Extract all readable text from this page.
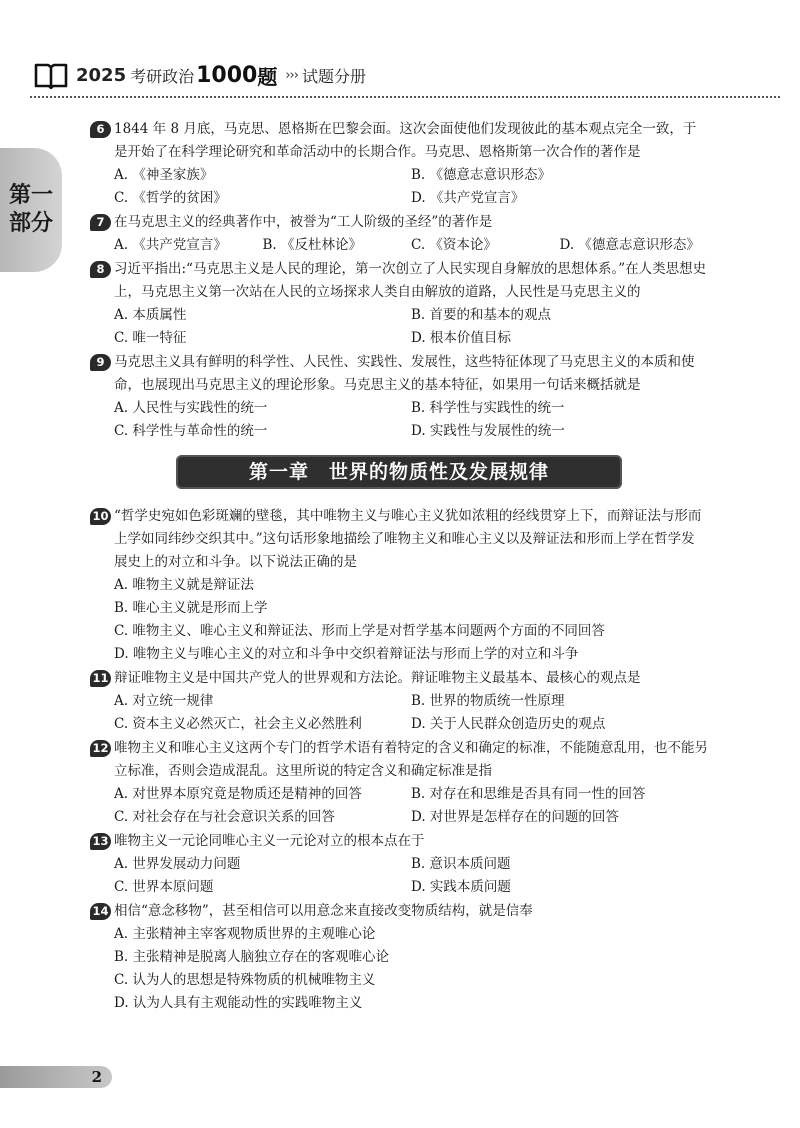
2025 考研政治 1000 题 ››› 试题分册
第一
部分
6 1844 年 8 月底，马克思、恩格斯在巴黎会面。这次会面使他们发现彼此的基本观点完全一致，于是开始了在科学理论研究和革命活动中的长期合作。马克思、恩格斯第一次合作的著作是
A. 《神圣家族》	B. 《德意志意识形态》
C. 《哲学的贫困》	D. 《共产党宣言》
7 在马克思主义的经典著作中，被誉为“工人阶级的圣经”的著作是
A. 《共产党宣言》	B. 《反杜林论》	C. 《资本论》	D. 《德意志意识形态》
8 习近平指出:“马克思主义是人民的理论，第一次创立了人民实现自身解放的思想体系。”在人类思想史上，马克思主义第一次站在人民的立场探求人类自由解放的道路，人民性是马克思主义的
A. 本质属性	B. 首要的和基本的观点
C. 唯一特征	D. 根本价值目标
9 马克思主义具有鲜明的科学性、人民性、实践性、发展性，这些特征体现了马克思主义的本质和使命，也展现出马克思主义的理论形象。马克思主义的基本特征，如果用一句话来概括就是
A. 人民性与实践性的统一	B. 科学性与实践性的统一
C. 科学性与革命性的统一	D. 实践性与发展性的统一
第一章　世界的物质性及发展规律
10 “哲学史宛如色彩斑斓的壁毯，其中唯物主义与唯心主义犹如浓粗的经线贯穿上下，而辩证法与形而上学如同纬纱交织其中。”这句话形象地描绘了唯物主义和唯心主义以及辩证法和形而上学在哲学发展史上的对立和斗争。以下说法正确的是
A. 唯物主义就是辩证法
B. 唯心主义就是形而上学
C. 唯物主义、唯心主义和辩证法、形而上学是对哲学基本问题两个方面的不同回答
D. 唯物主义与唯心主义的对立和斗争中交织着辩证法与形而上学的对立和斗争
11 辩证唯物主义是中国共产党人的世界观和方法论。辩证唯物主义最基本、最核心的观点是
A. 对立统一规律	B. 世界的物质统一性原理
C. 资本主义必然灭亡，社会主义必然胜利	D. 关于人民群众创造历史的观点
12 唯物主义和唯心主义这两个专门的哲学术语有着特定的含义和确定的标准，不能随意乱用，也不能另立标准，否则会造成混乱。这里所说的特定含义和确定标准是指
A. 对世界本原究竟是物质还是精神的回答	B. 对存在和思维是否具有同一性的回答
C. 对社会存在与社会意识关系的回答	D. 对世界是怎样存在的问题的回答
13 唯物主义一元论同唯心主义一元论对立的根本点在于
A. 世界发展动力问题	B. 意识本质问题
C. 世界本原问题	D. 实践本质问题
14 相信“意念移物”，甚至相信可以用意念来直接改变物质结构，就是信奉
A. 主张精神主宰客观物质世界的主观唯心论
B. 主张精神是脱离人脑独立存在的客观唯心论
C. 认为人的思想是特殊物质的机械唯物主义
D. 认为人具有主观能动性的实践唯物主义
2
